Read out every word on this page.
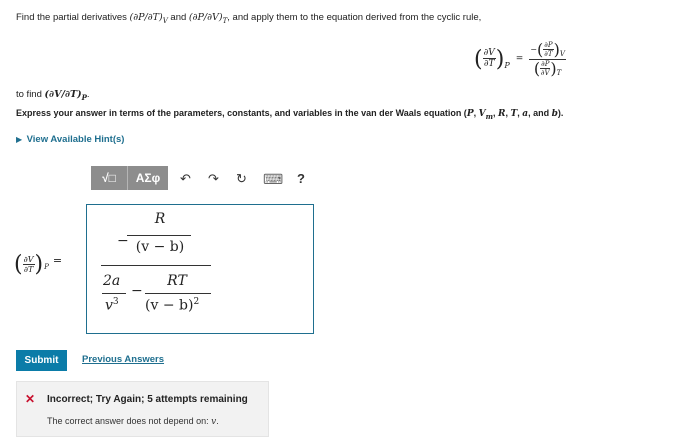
Find the partial derivatives $(\partial P/\partial T)_V$ and $(\partial P/\partial V)_T$, and apply them to the equation derived from the cyclic rule,
( $\frac{\partial V}{\partial T}$ ) P
= $\frac{- ( \frac{\partial P}{\partial T} ) V}{( \frac{\partial P}{\partial V} ) T}$
to find $(\partial V/\partial T)_P$.
Express your answer in terms of the parameters, constants, and variables in the van der Waals equation (P, $V_m$, R, T, a, and b).
▶ View Available Hint(s)
√□ ΑΣφ ↶ ↷ ↻ ⌨ ?
( $\frac{\partial V}{\partial T}$ ) P =
−
R
(v − b)
2a
$v^3$
−
RT
$(v - b)^2$
Submit	Previous Answers
✕ Incorrect; Try Again; 5 attempts remaining
The correct answer does not depend on: v.
